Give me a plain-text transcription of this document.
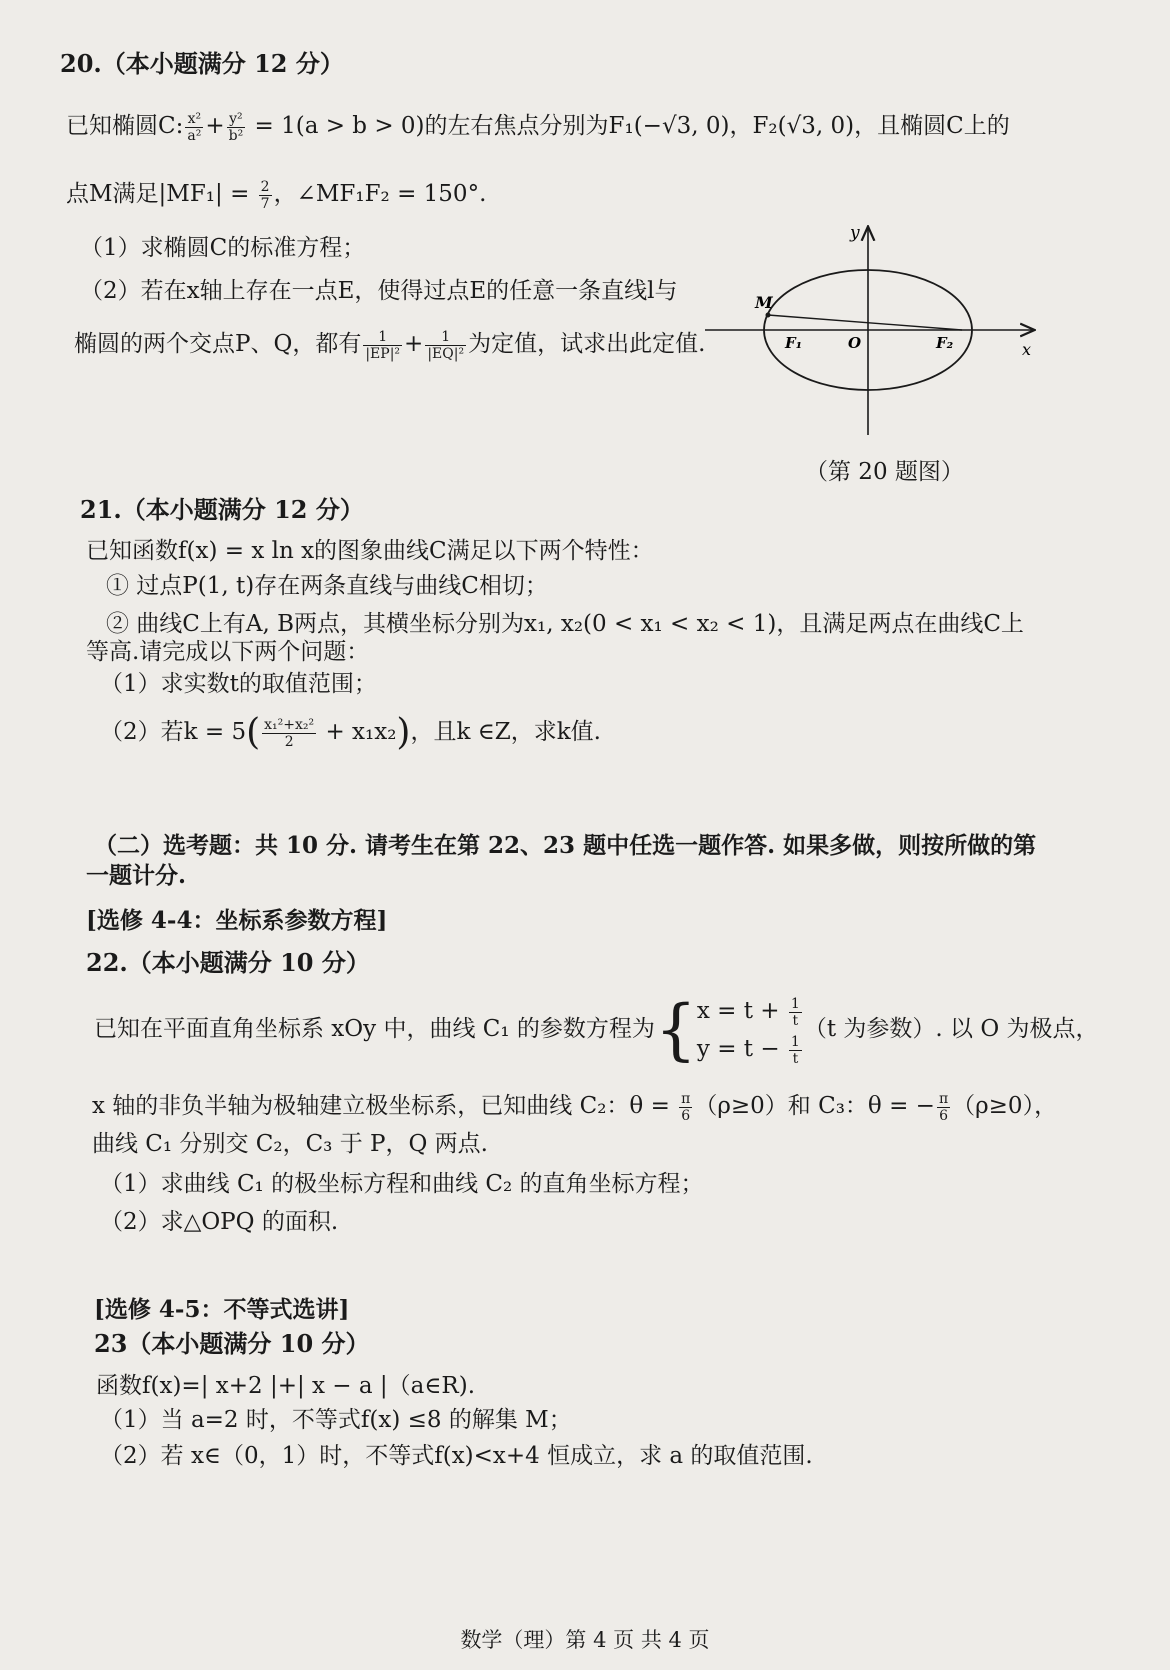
20.（本小题满分 12 分）
已知椭圆C: $\frac{\text{x²}}{\text{a²}} + \frac{\text{y²}}{\text{b²}} = 1(a > b > 0)$的左右焦点分别为F₁(−√3, 0)，F₂(√3, 0)，且椭圆C上的
点M满足$|MF_1| = \frac{2}{7}$ ，∠MF₁F₂ = 150°.
（1）求椭圆C的标准方程；
（2）若在x轴上存在一点E，使得过点E的任意一条直线l与
椭圆的两个交点P、Q，都有 $\frac{1}{\text{|EP|²}} + \frac{1}{\text{|EQ|²}}$ 为定值，试求出此定值.
y
x
M
F₁	O	F₂
（第 20 题图）
21.（本小题满分 12 分）
已知函数f(x) = x ln x的图象曲线C满足以下两个特性：
① 过点P(1, t)存在两条直线与曲线C相切；
② 曲线C上有A, B两点，其横坐标分别为x₁, x₂(0 < x₁ < x₂ < 1)，且满足两点在曲线C上
等高.请完成以下两个问题：
（1）求实数t的取值范围；
（2）若$k = 5( \frac{\text{x₁²+x₂²}}{2} + x_1x_2)$，且k ∈Z，求k值.
（二）选考题：共 10 分. 请考生在第 22、23 题中任选一题作答. 如果多做，则按所做的第
一题计分.
[选修 4-4：坐标系参数方程]
22.（本小题满分 10 分）
已知在平面直角坐标系 xOy 中，曲线 C₁ 的参数方程为{ $x = t + \frac{1}{t}$
$y = t - \frac{1}{t}$
（t 为参数）. 以 O 为极点，
x 轴的非负半轴为极轴建立极坐标系，已知曲线 C₂：$\theta = \frac{\pi}{6} (\rho\ge 0)$和 C₃：θ = − $\frac{\pi}{6} (\rho\ge 0)$，
曲线 C₁ 分别交 C₂，C₃ 于 P，Q 两点.
（1）求曲线 C₁ 的极坐标方程和曲线 C₂ 的直角坐标方程；
（2）求△OPQ 的面积.
[选修 4-5：不等式选讲]
23（本小题满分 10 分）
函数f(x)=| x+2 |+| x − a |（a∈R).
（1）当 a=2 时，不等式f(x) ≤8 的解集 M；
（2）若 x∈（0，1）时，不等式f(x)<x+4 恒成立，求 a 的取值范围.
数学（理）第 4 页 共 4 页
